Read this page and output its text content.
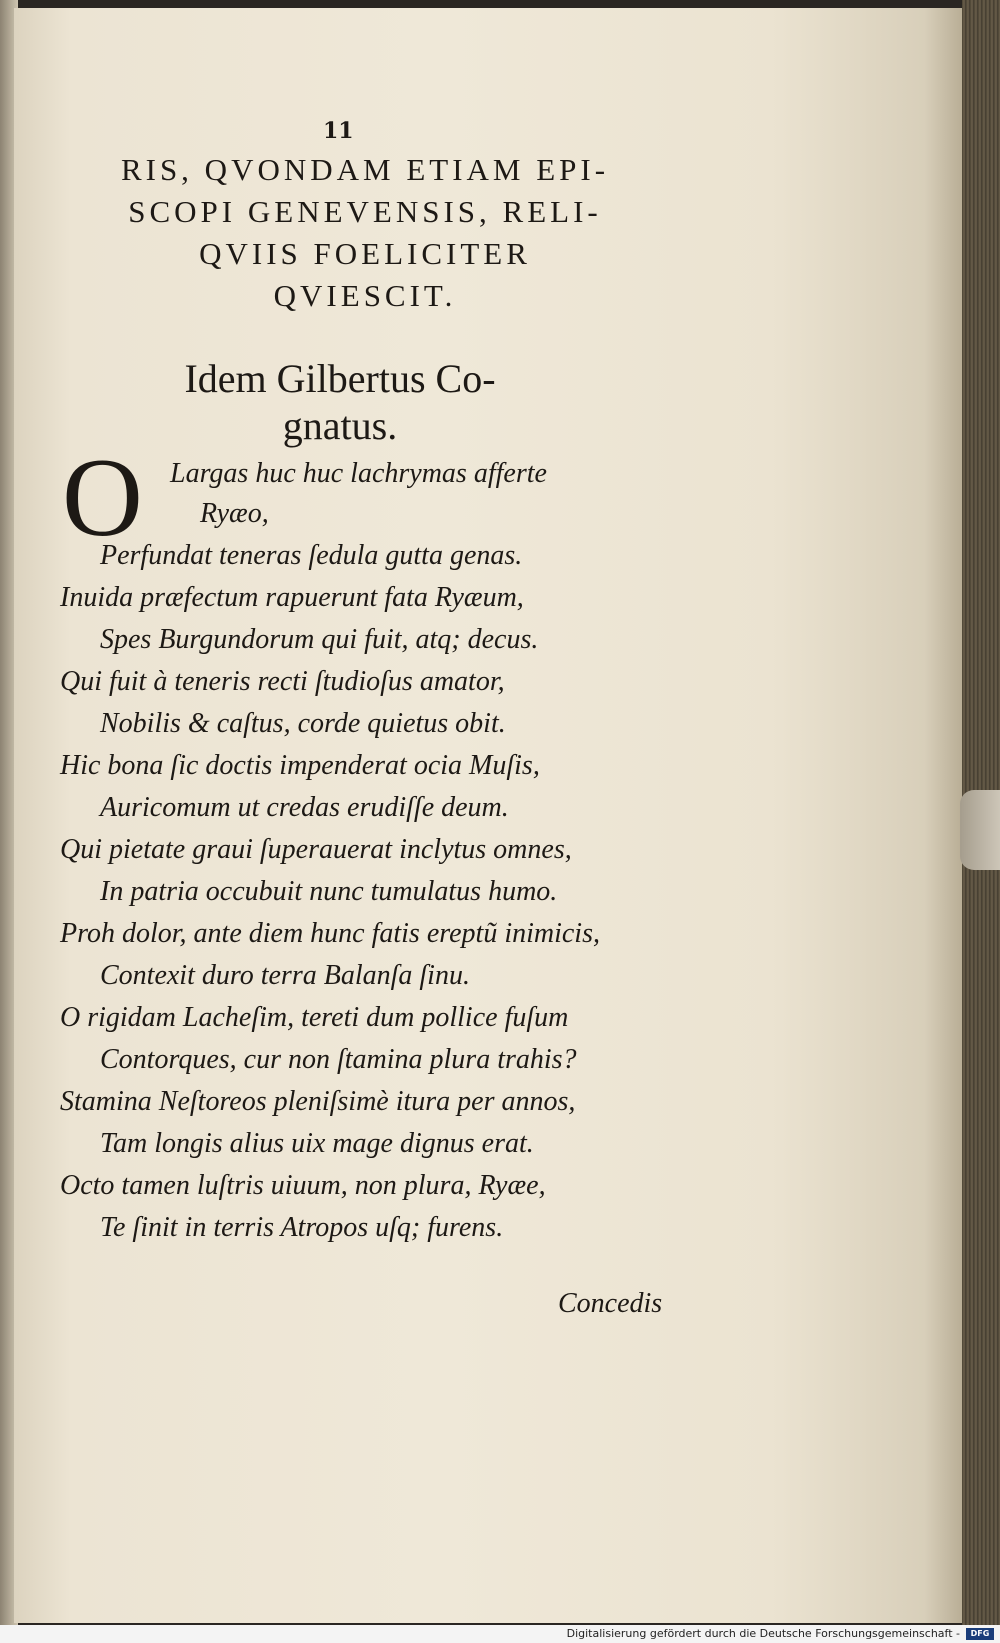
11
RIS, QVONDAM ETIAM EPI-
SCOPI GENEVENSIS, RELI-
QVIIS FOELICITER
QVIESCIT.
Idem Gilbertus Co-
gnatus.
O Largas huc huc lachrymas afferte
Ryæo,
Perfundat teneras ſedula gutta genas.
Inuida præfectum rapuerunt fata Ryæum,
Spes Burgundorum qui fuit, atq; decus.
Qui fuit à teneris recti ſtudioſus amator,
Nobilis & caſtus, corde quietus obit.
Hic bona ſic doctis impenderat ocia Muſis,
Auricomum ut credas erudiſſe deum.
Qui pietate graui ſuperauerat inclytus omnes,
In patria occubuit nunc tumulatus humo.
Proh dolor, ante diem hunc fatis ereptũ inimicis,
Contexit duro terra Balanſa ſinu.
O rigidam Lacheſim, tereti dum pollice fuſum
Contorques, cur non ſtamina plura trahis?
Stamina Neſtoreos pleniſsimè itura per annos,
Tam longis alius uix mage dignus erat.
Octo tamen luſtris uiuum, non plura, Ryæe,
Te ſinit in terris Atropos uſq; furens.
Concedis
Digitalisierung gefördert durch die Deutsche Forschungsgemeinschaft -	DFG
